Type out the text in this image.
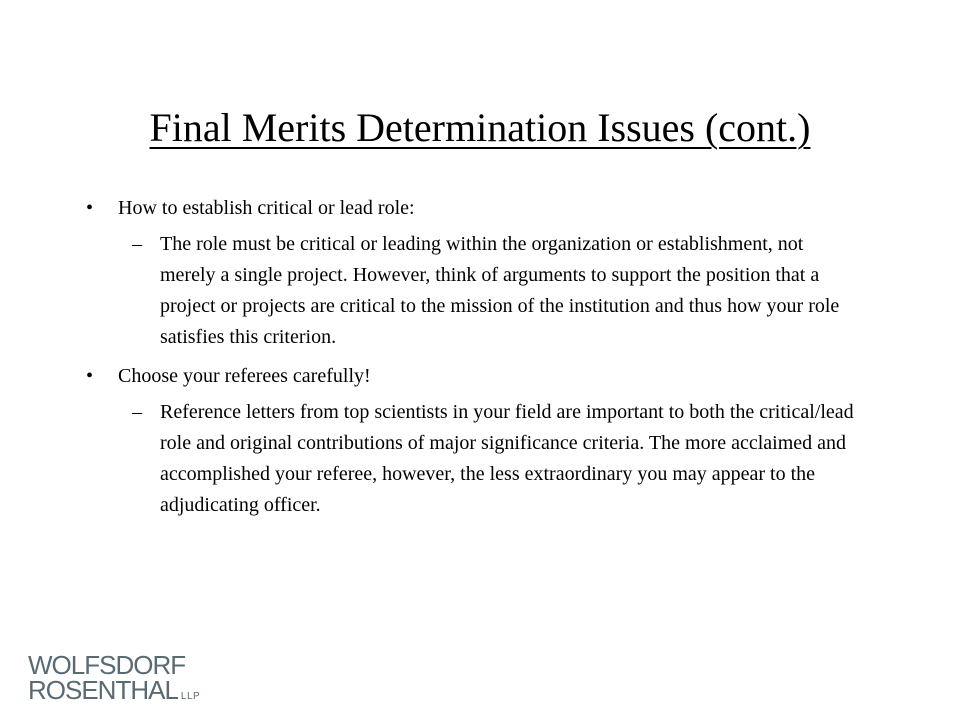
Final Merits Determination Issues (cont.)
• How to establish critical or lead role:
– The role must be critical or leading within the organization or establishment, not merely a single project. However, think of arguments to support the position that a project or projects are critical to the mission of the institution and thus how your role satisfies this criterion.
• Choose your referees carefully!
– Reference letters from top scientists in your field are important to both the critical/lead role and original contributions of major significance criteria. The more acclaimed and accomplished your referee, however, the less extraordinary you may appear to the adjudicating officer.
WOLFSDORF
ROSENTHAL LLP
